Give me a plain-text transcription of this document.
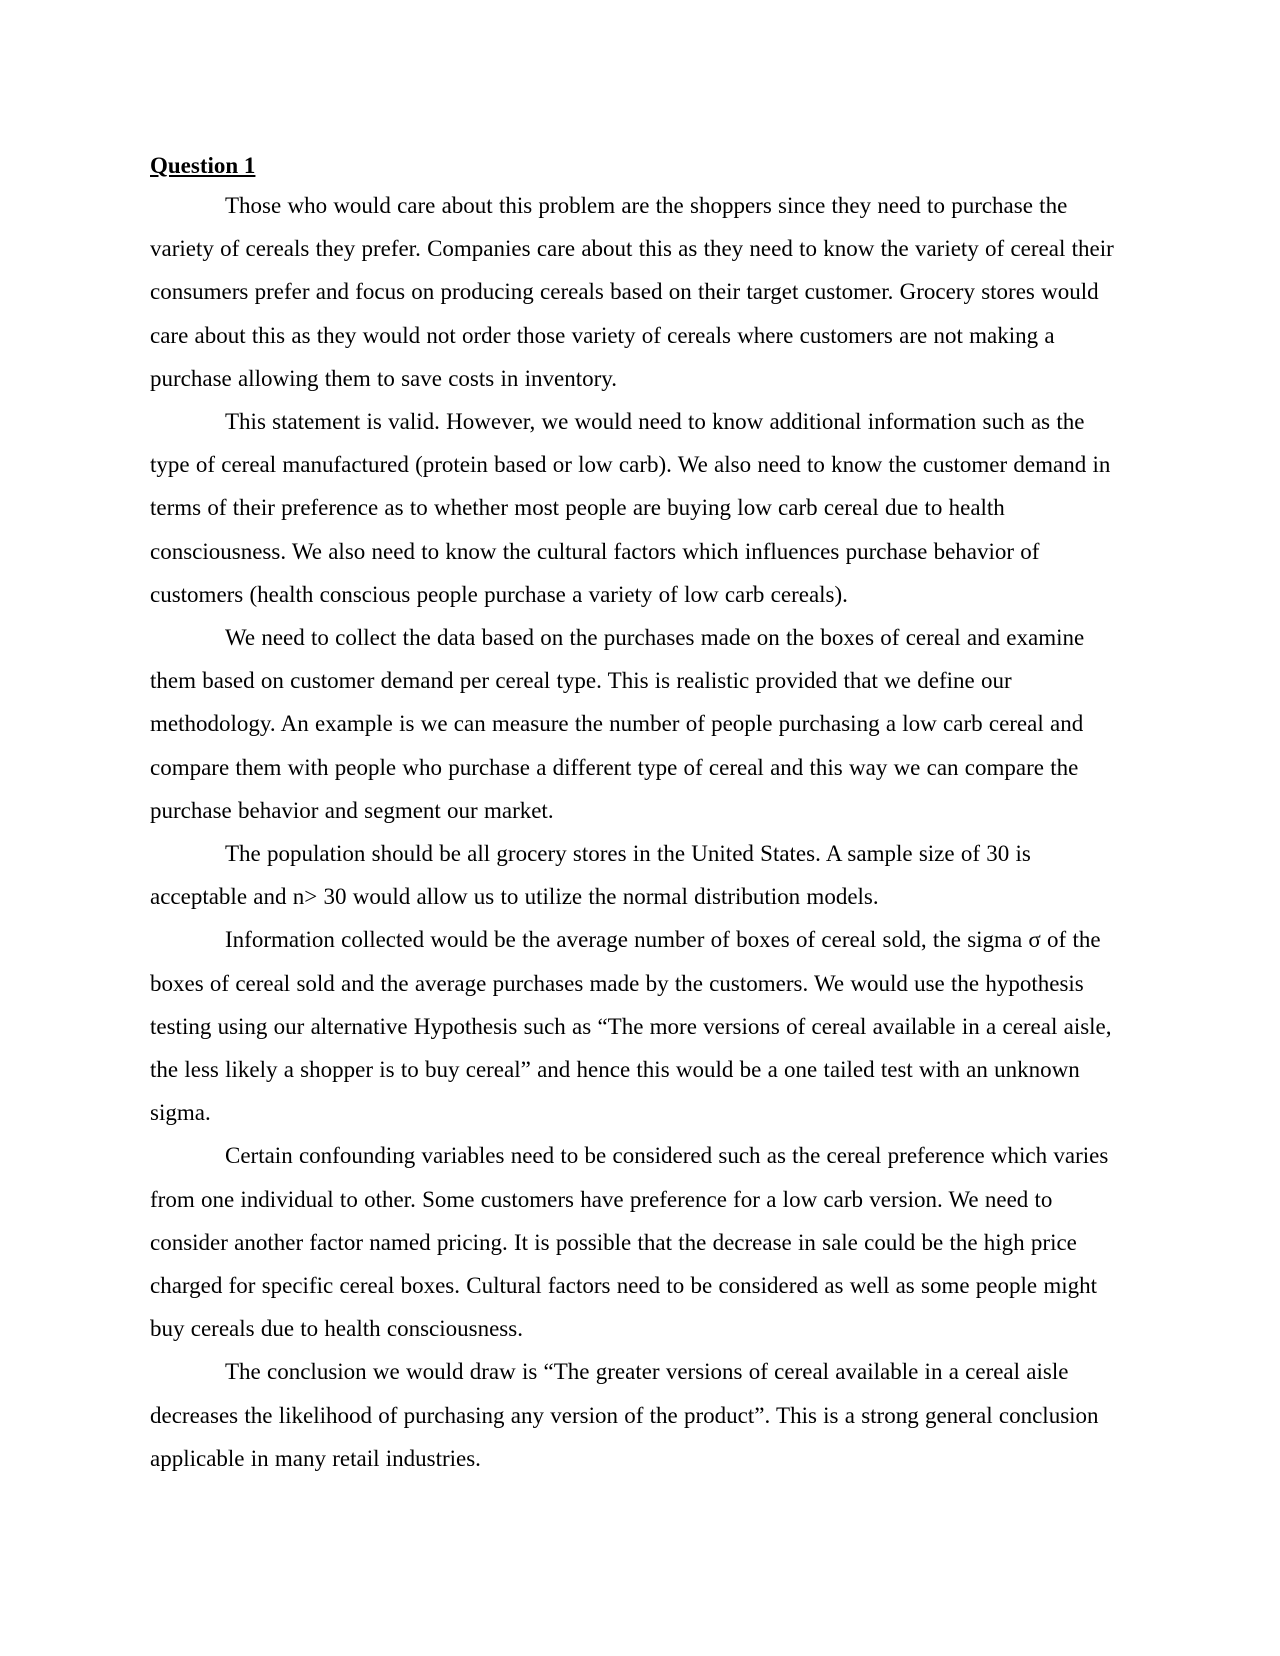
Question 1

Those who would care about this problem are the shoppers since they need to purchase the variety of cereals they prefer. Companies care about this as they need to know the variety of cereal their consumers prefer and focus on producing cereals based on their target customer. Grocery stores would care about this as they would not order those variety of cereals where customers are not making a purchase allowing them to save costs in inventory.

This statement is valid. However, we would need to know additional information such as the type of cereal manufactured (protein based or low carb). We also need to know the customer demand in terms of their preference as to whether most people are buying low carb cereal due to health consciousness. We also need to know the cultural factors which influences purchase behavior of customers (health conscious people purchase a variety of low carb cereals).

We need to collect the data based on the purchases made on the boxes of cereal and examine them based on customer demand per cereal type. This is realistic provided that we define our methodology. An example is we can measure the number of people purchasing a low carb cereal and compare them with people who purchase a different type of cereal and this way we can compare the purchase behavior and segment our market.

The population should be all grocery stores in the United States. A sample size of 30 is acceptable and n> 30 would allow us to utilize the normal distribution models.

Information collected would be the average number of boxes of cereal sold, the sigma σ of the boxes of cereal sold and the average purchases made by the customers. We would use the hypothesis testing using our alternative Hypothesis such as “The more versions of cereal available in a cereal aisle, the less likely a shopper is to buy cereal” and hence this would be a one tailed test with an unknown sigma.

Certain confounding variables need to be considered such as the cereal preference which varies from one individual to other. Some customers have preference for a low carb version. We need to consider another factor named pricing. It is possible that the decrease in sale could be the high price charged for specific cereal boxes. Cultural factors need to be considered as well as some people might buy cereals due to health consciousness.

The conclusion we would draw is “The greater versions of cereal available in a cereal aisle decreases the likelihood of purchasing any version of the product”. This is a strong general conclusion applicable in many retail industries.
